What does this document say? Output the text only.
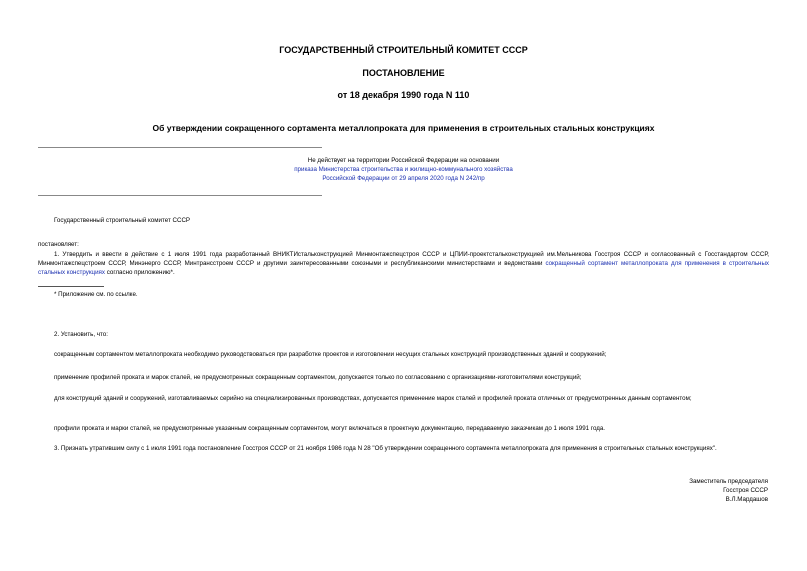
ГОСУДАРСТВЕННЫЙ СТРОИТЕЛЬНЫЙ КОМИТЕТ СССР
ПОСТАНОВЛЕНИЕ
от 18 декабря 1990 года N 110
Об утверждении сокращенного сортамента металлопроката для применения в строительных стальных конструкциях
Не действует на территории Российской Федерации на основании
приказа Министерства строительства и жилищно-коммунального хозяйства
Российской Федерации от 29 апреля 2020 года N 242/пр
Государственный строительный комитет СССР
постановляет:
1. Утвердить и ввести в действие с 1 июля 1991 года разработанный ВНИКТИстальконструкцией Минмонтажспецстроя СССР и ЦПИИ-проектстальконструкцией им.Мельникова Госстроя СССР и согласованный с Госстандартом СССР, Минмонтажспецстроем СССР, Минэнерго СССР, Минтрансстроем СССР и другими заинтересованными союзными и республиканскими министерствами и ведомствами сокращенный сортамент металлопроката для применения в строительных стальных конструкциях согласно приложению*.
* Приложение см. по ссылке.
2. Установить, что:
сокращенным сортаментом металлопроката необходимо руководствоваться при разработке проектов и изготовлении несущих стальных конструкций производственных зданий и сооружений;
применение профилей проката и марок сталей, не предусмотренных сокращенным сортаментом, допускается только по согласованию с организациями-изготовителями конструкций;
для конструкций зданий и сооружений, изготавливаемых серийно на специализированных производствах, допускается применение марок сталей и профилей проката отличных от предусмотренных данным сортаментом;
профили проката и марки сталей, не предусмотренные указанным сокращенным сортаментом, могут включаться в проектную документацию, передаваемую заказчикам до 1 июля 1991 года.
3. Признать утратившим силу с 1 июля 1991 года постановление Госстроя СССР от 21 ноября 1986 года N 28 "Об утверждении сокращенного сортамента металлопроката для применения в строительных стальных конструкциях".
Заместитель председателя
Госстроя СССР
В.Л.Мардашов
